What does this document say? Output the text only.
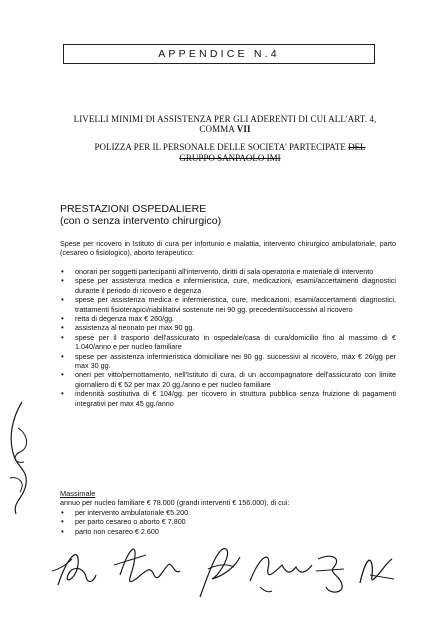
APPENDICE N.4
LIVELLI MINIMI DI ASSISTENZA PER GLI ADERENTI DI CUI ALL'ART. 4, COMMA VII
POLIZZA PER IL PERSONALE DELLE SOCIETA' PARTECIPATE DEL GRUPPO SANPAOLO IMI
PRESTAZIONI OSPEDALIERE
(con o senza intervento chirurgico)
Spese per ricovero in Istituto di cura per infortunio e malattia, intervento chirurgico ambulatoriale, parto (cesareo o fisiologico), aborto terapeutico:
• onorari per soggetti partecipanti all'intervento, diritti di sala operatoria e materiale di intervento
• spese per assistenza medica e infermieristica, cure, medicazioni, esami/accertamenti diagnostici durante il periodo di ricovero e degenza
• spese per assistenza medica e infermieristica, cure, medicazioni, esami/accertamenti diagnostici, trattamenti fisioterapici/riabilitativi sostenute nei 90 gg. precedenti/successivi al ricovero
• retta di degenza max € 260/gg.
• assistenza al neonato per max 90 gg.
• spese per il trasporto dell'assicurato in ospedale/casa di cura/domicilio fino al massimo di € 1.040/anno e per nucleo familiare
• spese per assistenza infermieristica domiciliare nei 90 gg. successivi al ricovero, max € 26/gg per max 30 gg.
• oneri per vitto/pernottamento, nell'Istituto di cura, di un accompagnatore dell'assicurato con limite giornaliero di € 52 per max 20 gg./anno e per nucleo familiare
• indennità sostitutiva di € 104/gg. per ricovero in struttura pubblica senza fruizione di pagamenti integrativi per max 45 gg./anno
Massimale
annuo per nucleo familiare € 78.000 (grandi interventi € 156.000), di cui:
• per intervento ambulatoriale €5.200
• per parto cesareo o aborto € 7.800
• parto non cesareo € 2.600
